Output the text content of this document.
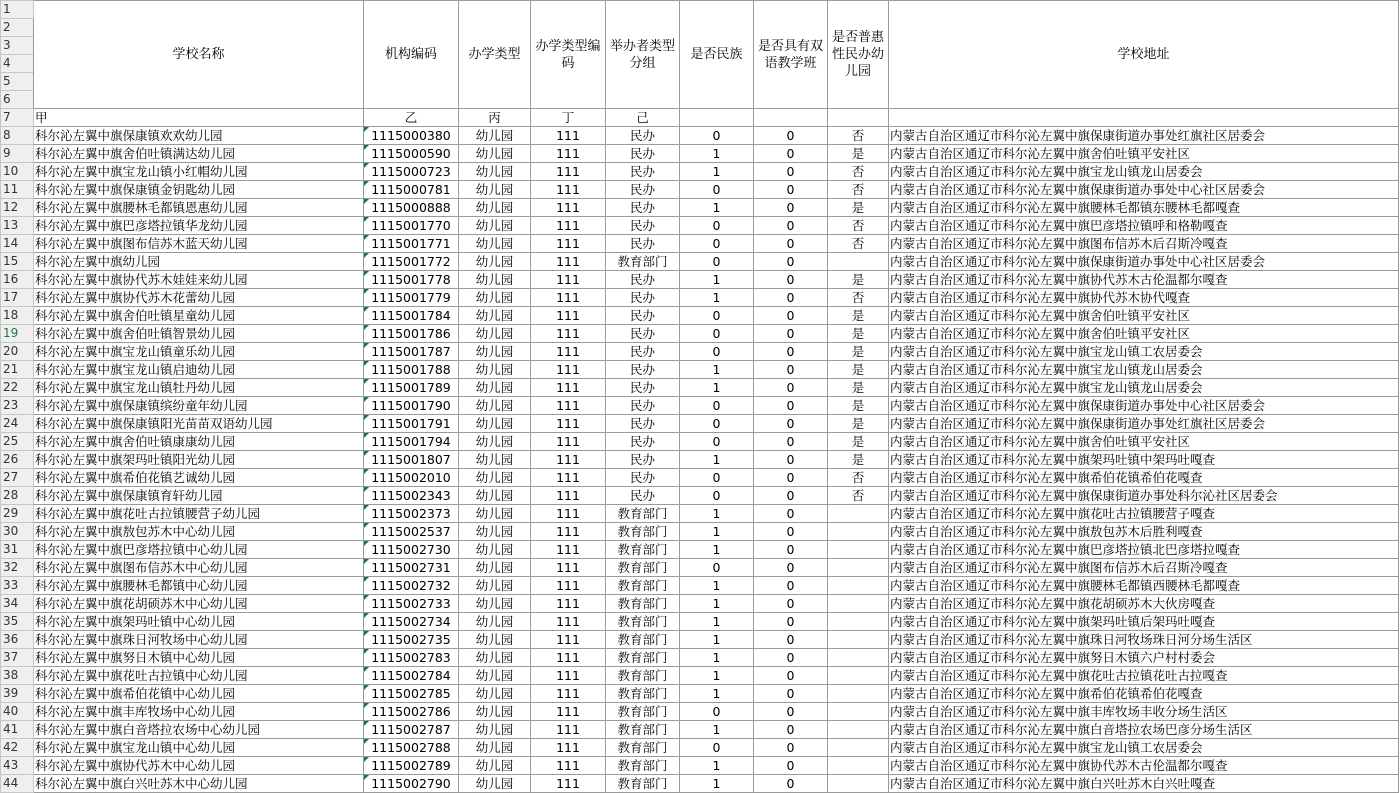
1	学校名称	机构编码	办学类型	办学类型编码	举办者类型分组	是否民族	是否具有双语教学班	是否普惠性民办幼儿园	学校地址
2									
3									
4									
5									
6									
7	甲	乙	丙	丁	己				
8	科尔沁左翼中旗保康镇欢欢幼儿园	1115000380	幼儿园	111	民办	0	0	否	内蒙古自治区通辽市科尔沁左翼中旗保康街道办事处红旗社区居委会
9	科尔沁左翼中旗舍伯吐镇满达幼儿园	1115000590	幼儿园	111	民办	1	0	是	内蒙古自治区通辽市科尔沁左翼中旗舍伯吐镇平安社区
10	科尔沁左翼中旗宝龙山镇小红帽幼儿园	1115000723	幼儿园	111	民办	1	0	否	内蒙古自治区通辽市科尔沁左翼中旗宝龙山镇龙山居委会
11	科尔沁左翼中旗保康镇金钥匙幼儿园	1115000781	幼儿园	111	民办	0	0	否	内蒙古自治区通辽市科尔沁左翼中旗保康街道办事处中心社区居委会
12	科尔沁左翼中旗腰林毛都镇恩惠幼儿园	1115000888	幼儿园	111	民办	1	0	是	内蒙古自治区通辽市科尔沁左翼中旗腰林毛都镇东腰林毛都嘎查
13	科尔沁左翼中旗巴彦塔拉镇华龙幼儿园	1115001770	幼儿园	111	民办	0	0	否	内蒙古自治区通辽市科尔沁左翼中旗巴彦塔拉镇呼和格勒嘎查
14	科尔沁左翼中旗图布信苏木蓝天幼儿园	1115001771	幼儿园	111	民办	0	0	否	内蒙古自治区通辽市科尔沁左翼中旗图布信苏木后召斯冷嘎查
15	科尔沁左翼中旗幼儿园	1115001772	幼儿园	111	教育部门	0	0		内蒙古自治区通辽市科尔沁左翼中旗保康街道办事处中心社区居委会
16	科尔沁左翼中旗协代苏木娃娃来幼儿园	1115001778	幼儿园	111	民办	1	0	是	内蒙古自治区通辽市科尔沁左翼中旗协代苏木古伦温都尔嘎查
17	科尔沁左翼中旗协代苏木花蕾幼儿园	1115001779	幼儿园	111	民办	1	0	否	内蒙古自治区通辽市科尔沁左翼中旗协代苏木协代嘎查
18	科尔沁左翼中旗舍伯吐镇星童幼儿园	1115001784	幼儿园	111	民办	0	0	是	内蒙古自治区通辽市科尔沁左翼中旗舍伯吐镇平安社区
19	科尔沁左翼中旗舍伯吐镇智景幼儿园	1115001786	幼儿园	111	民办	0	0	是	内蒙古自治区通辽市科尔沁左翼中旗舍伯吐镇平安社区
20	科尔沁左翼中旗宝龙山镇童乐幼儿园	1115001787	幼儿园	111	民办	0	0	是	内蒙古自治区通辽市科尔沁左翼中旗宝龙山镇工农居委会
21	科尔沁左翼中旗宝龙山镇启迪幼儿园	1115001788	幼儿园	111	民办	1	0	是	内蒙古自治区通辽市科尔沁左翼中旗宝龙山镇龙山居委会
22	科尔沁左翼中旗宝龙山镇牡丹幼儿园	1115001789	幼儿园	111	民办	1	0	是	内蒙古自治区通辽市科尔沁左翼中旗宝龙山镇龙山居委会
23	科尔沁左翼中旗保康镇缤纷童年幼儿园	1115001790	幼儿园	111	民办	0	0	是	内蒙古自治区通辽市科尔沁左翼中旗保康街道办事处中心社区居委会
24	科尔沁左翼中旗保康镇阳光苗苗双语幼儿园	1115001791	幼儿园	111	民办	0	0	是	内蒙古自治区通辽市科尔沁左翼中旗保康街道办事处红旗社区居委会
25	科尔沁左翼中旗舍伯吐镇康康幼儿园	1115001794	幼儿园	111	民办	0	0	是	内蒙古自治区通辽市科尔沁左翼中旗舍伯吐镇平安社区
26	科尔沁左翼中旗架玛吐镇阳光幼儿园	1115001807	幼儿园	111	民办	1	0	是	内蒙古自治区通辽市科尔沁左翼中旗架玛吐镇中架玛吐嘎查
27	科尔沁左翼中旗希伯花镇艺诚幼儿园	1115002010	幼儿园	111	民办	0	0	否	内蒙古自治区通辽市科尔沁左翼中旗希伯花镇希伯花嘎查
28	科尔沁左翼中旗保康镇育轩幼儿园	1115002343	幼儿园	111	民办	0	0	否	内蒙古自治区通辽市科尔沁左翼中旗保康街道办事处科尔沁社区居委会
29	科尔沁左翼中旗花吐古拉镇腰营子幼儿园	1115002373	幼儿园	111	教育部门	1	0		内蒙古自治区通辽市科尔沁左翼中旗花吐古拉镇腰营子嘎查
30	科尔沁左翼中旗敖包苏木中心幼儿园	1115002537	幼儿园	111	教育部门	1	0		内蒙古自治区通辽市科尔沁左翼中旗敖包苏木后胜利嘎查
31	科尔沁左翼中旗巴彦塔拉镇中心幼儿园	1115002730	幼儿园	111	教育部门	1	0		内蒙古自治区通辽市科尔沁左翼中旗巴彦塔拉镇北巴彦塔拉嘎查
32	科尔沁左翼中旗图布信苏木中心幼儿园	1115002731	幼儿园	111	教育部门	0	0		内蒙古自治区通辽市科尔沁左翼中旗图布信苏木后召斯冷嘎查
33	科尔沁左翼中旗腰林毛都镇中心幼儿园	1115002732	幼儿园	111	教育部门	1	0		内蒙古自治区通辽市科尔沁左翼中旗腰林毛都镇西腰林毛都嘎查
34	科尔沁左翼中旗花胡硕苏木中心幼儿园	1115002733	幼儿园	111	教育部门	1	0		内蒙古自治区通辽市科尔沁左翼中旗花胡硕苏木大伙房嘎查
35	科尔沁左翼中旗架玛吐镇中心幼儿园	1115002734	幼儿园	111	教育部门	1	0		内蒙古自治区通辽市科尔沁左翼中旗架玛吐镇后架玛吐嘎查
36	科尔沁左翼中旗珠日河牧场中心幼儿园	1115002735	幼儿园	111	教育部门	1	0		内蒙古自治区通辽市科尔沁左翼中旗珠日河牧场珠日河分场生活区
37	科尔沁左翼中旗努日木镇中心幼儿园	1115002783	幼儿园	111	教育部门	1	0		内蒙古自治区通辽市科尔沁左翼中旗努日木镇六户村村委会
38	科尔沁左翼中旗花吐古拉镇中心幼儿园	1115002784	幼儿园	111	教育部门	1	0		内蒙古自治区通辽市科尔沁左翼中旗花吐古拉镇花吐古拉嘎查
39	科尔沁左翼中旗希伯花镇中心幼儿园	1115002785	幼儿园	111	教育部门	1	0		内蒙古自治区通辽市科尔沁左翼中旗希伯花镇希伯花嘎查
40	科尔沁左翼中旗丰库牧场中心幼儿园	1115002786	幼儿园	111	教育部门	0	0		内蒙古自治区通辽市科尔沁左翼中旗丰库牧场丰收分场生活区
41	科尔沁左翼中旗白音塔拉农场中心幼儿园	1115002787	幼儿园	111	教育部门	1	0		内蒙古自治区通辽市科尔沁左翼中旗白音塔拉农场巴彦分场生活区
42	科尔沁左翼中旗宝龙山镇中心幼儿园	1115002788	幼儿园	111	教育部门	0	0		内蒙古自治区通辽市科尔沁左翼中旗宝龙山镇工农居委会
43	科尔沁左翼中旗协代苏木中心幼儿园	1115002789	幼儿园	111	教育部门	1	0		内蒙古自治区通辽市科尔沁左翼中旗协代苏木古伦温都尔嘎查
44	科尔沁左翼中旗白兴吐苏木中心幼儿园	1115002790	幼儿园	111	教育部门	1	0		内蒙古自治区通辽市科尔沁左翼中旗白兴吐苏木白兴吐嘎查
